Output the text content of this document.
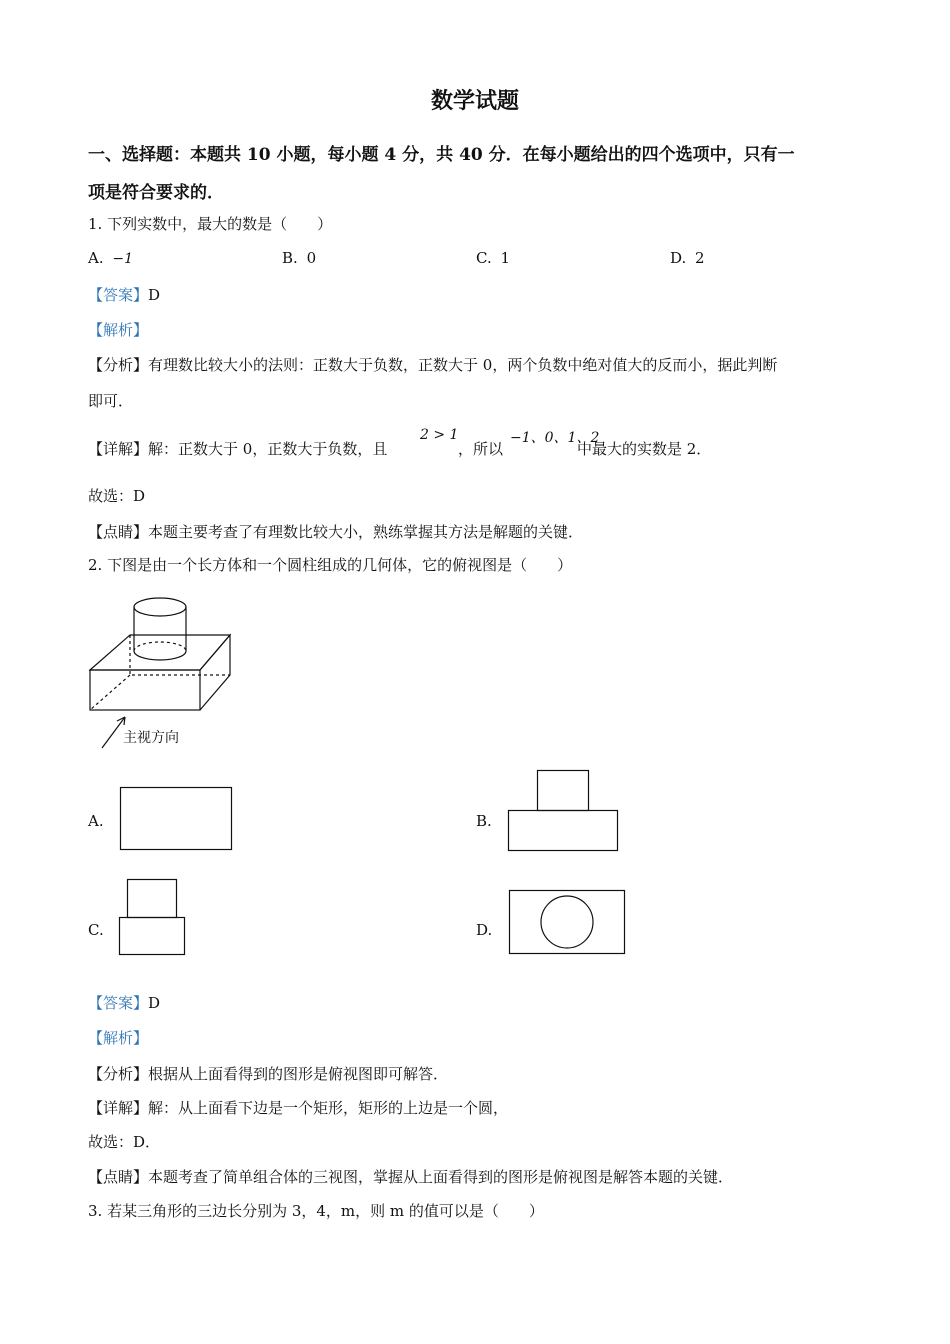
数学试题
一、选择题：本题共 10 小题，每小题 4 分，共 40 分．在每小题给出的四个选项中，只有一
项是符合要求的．
1. 下列实数中，最大的数是（　　）
A. −1	B. 0	C. 1	D. 2
【答案】D
【解析】
【分析】有理数比较大小的法则：正数大于负数，正数大于 0，两个负数中绝对值大的反而小，据此判断
即可．
【详解】解：正数大于 0，正数大于负数，且
2 > 1
，所以
−1、0、1、2
中最大的实数是 2．
故选：D
【点睛】本题主要考查了有理数比较大小，熟练掌握其方法是解题的关键．
2. 下图是由一个长方体和一个圆柱组成的几何体，它的俯视图是（　　）
主视方向
A.	B.
C.	D.
【答案】D
【解析】
【分析】根据从上面看得到的图形是俯视图即可解答．
【详解】解：从上面看下边是一个矩形，矩形的上边是一个圆，
故选：D．
【点睛】本题考查了简单组合体的三视图，掌握从上面看得到的图形是俯视图是解答本题的关键．
3. 若某三角形的三边长分别为 3，4，m，则 m 的值可以是（　　）
